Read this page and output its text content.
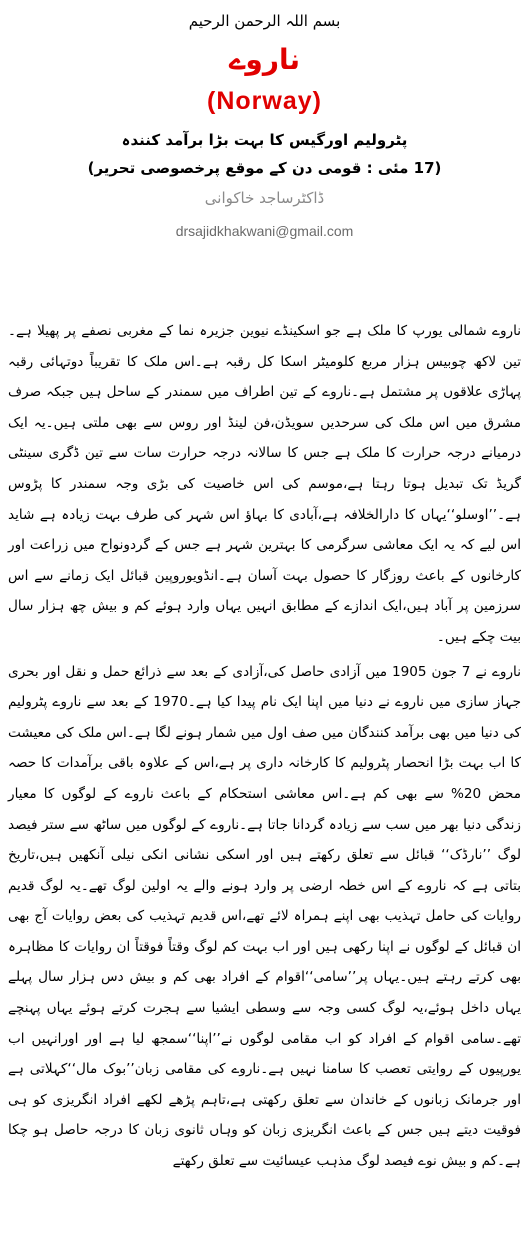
بسم اللہ الرحمن الرحیم
ناروے
(Norway)
پٹرولیم اورگیس کا بہت بڑا برآمد کنندہ
(17 مئی : قومی دن کے موقع پرخصوصی تحریر)
ڈاکٹرساجد خاکوانی
drsajidkhakwani@gmail.com

ناروے شمالی یورپ کا ملک ہے جو اسکینڈے نیوین جزیرہ نما کے مغربی نصفے پر پھیلا ہے۔تین لاکھ چوبیس ہزار مربع کلومیٹر اسکا کل رقبہ ہے۔اس ملک کا تقریباً دوتہائی رقبہ پہاڑی علاقوں پر مشتمل ہے۔ناروے کے تین اطراف میں سمندر کے ساحل ہیں جبکہ صرف مشرق میں اس ملک کی سرحدیں سویڈن،فن لینڈ اور روس سے بھی ملتی ہیں۔یہ ایک درمیانے درجہ حرارت کا ملک ہے جس کا سالانہ درجہ حرارت سات سے تین ڈگری سینٹی گریڈ تک تبدیل ہوتا رہتا ہے،موسم کی اس خاصیت کی بڑی وجہ سمندر کا پڑوس ہے۔’’اوسلو‘‘یہاں کا دارالخلافہ ہے،آبادی کا بہاؤ اس شہر کی طرف بہت زیادہ ہے شاید اس لیے کہ یہ ایک معاشی سرگرمی کا بہترین شہر ہے جس کے گردونواح میں زراعت اور کارخانوں کے باعث روزگار کا حصول بہت آسان ہے۔انڈویوروپین قبائل ایک زمانے سے اس سرزمین پر آباد ہیں،ایک اندازے کے مطابق انہیں یہاں وارد ہوئے کم و بیش چھ ہزار سال بیت چکے ہیں۔

ناروے نے 7 جون 1905 میں آزادی حاصل کی،آزادی کے بعد سے ذرائع حمل و نقل اور بحری جہاز سازی میں ناروے نے دنیا میں اپنا ایک نام پیدا کیا ہے۔1970 کے بعد سے ناروے پٹرولیم کی دنیا میں بھی برآمد کنندگان میں صف اول میں شمار ہونے لگا ہے۔اس ملک کی معیشت کا اب بہت بڑا انحصار پٹرولیم کا کارخانہ داری پر ہے،اس کے علاوہ باقی برآمدات کا حصہ محض 20% سے بھی کم ہے۔اس معاشی استحکام کے باعث ناروے کے لوگوں کا معیار زندگی دنیا بھر میں سب سے زیادہ گردانا جاتا ہے۔ناروے کے لوگوں میں ساٹھ سے ستر فیصد لوگ ’’نارڈک‘‘ قبائل سے تعلق رکھتے ہیں اور اسکی نشانی انکی نیلی آنکھیں ہیں،تاریخ بتاتی ہے کہ ناروے کے اس خطہ ارضی پر وارد ہونے والے یہ اولین لوگ تھے۔یہ لوگ قدیم روایات کی حامل تہذیب بھی اپنے ہمراہ لائے تھے،اس قدیم تہذیب کی بعض روایات آج بھی ان قبائل کے لوگوں نے اپنا رکھی ہیں اور اب بہت کم لوگ وقتاً فوقتاً ان روایات کا مظاہرہ بھی کرتے رہتے ہیں۔یہاں پر’’سامی‘‘اقوام کے افراد بھی کم و بیش دس ہزار سال پہلے یہاں داخل ہوئے،یہ لوگ کسی وجہ سے وسطی ایشیا سے ہجرت کرتے ہوئے یہاں پہنچے تھے۔سامی اقوام کے افراد کو اب مقامی لوگوں نے’’اپنا‘‘سمجھ لیا ہے اور اورانہیں اب یورپیوں کے روایتی تعصب کا سامنا نہیں ہے۔ناروے کی مقامی زبان’’بوک مال‘‘کہلاتی ہے اور جرمانک زبانوں کے خاندان سے تعلق رکھتی ہے،تاہم پڑھے لکھے افراد انگریزی کو ہی فوقیت دیتے ہیں جس کے باعث انگریزی زبان کو وہاں ثانوی زبان کا درجہ حاصل ہو چکا ہے۔کم و بیش نوے فیصد لوگ مذہب عیسائیت سے تعلق رکھتے
